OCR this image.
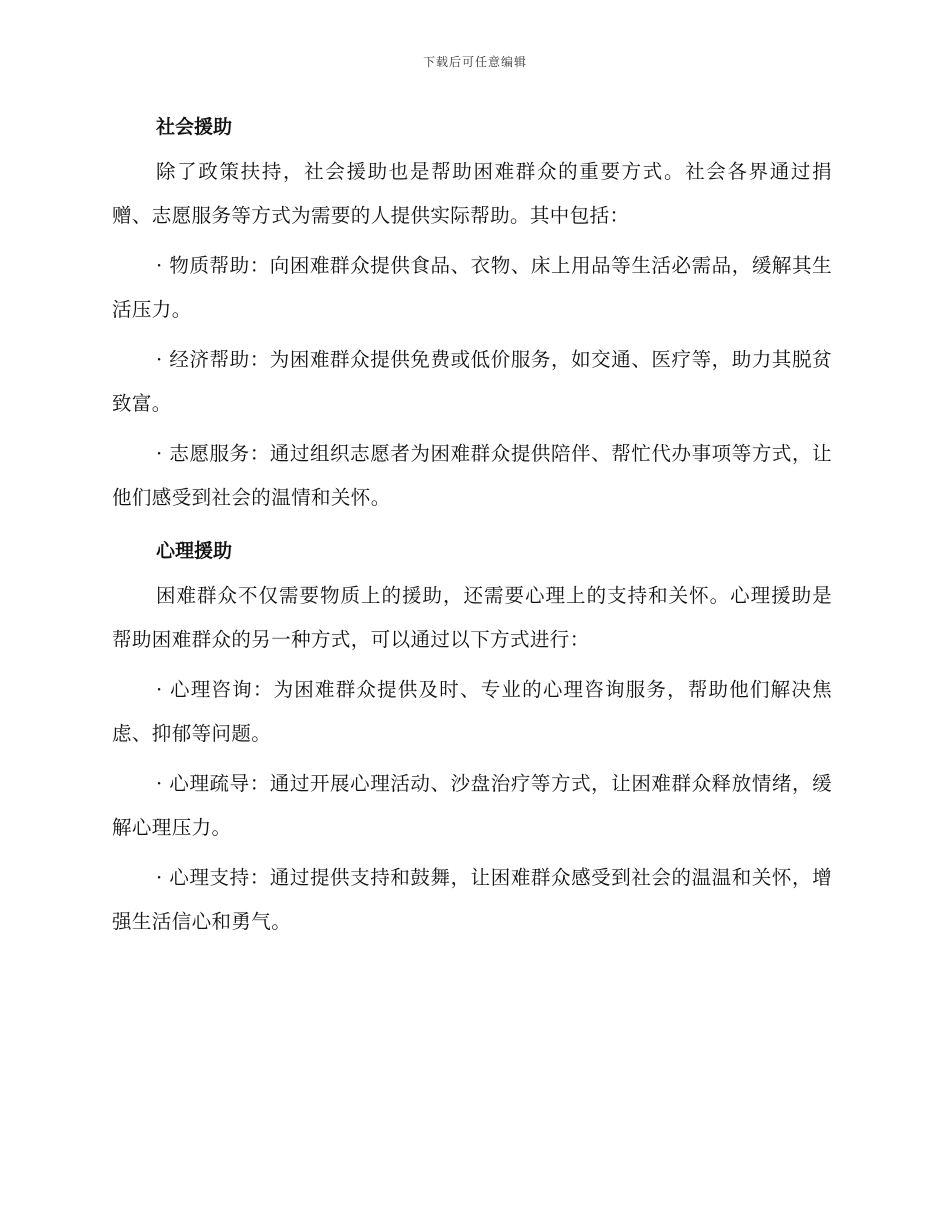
下载后可任意编辑
社会援助

除了政策扶持，社会援助也是帮助困难群众的重要方式。社会各界通过捐赠、志愿服务等方式为需要的人提供实际帮助。其中包括：

· 物质帮助：向困难群众提供食品、衣物、床上用品等生活必需品，缓解其生活压力。

· 经济帮助：为困难群众提供免费或低价服务，如交通、医疗等，助力其脱贫致富。

· 志愿服务：通过组织志愿者为困难群众提供陪伴、帮忙代办事项等方式，让他们感受到社会的温情和关怀。

心理援助

困难群众不仅需要物质上的援助，还需要心理上的支持和关怀。心理援助是帮助困难群众的另一种方式，可以通过以下方式进行：

· 心理咨询：为困难群众提供及时、专业的心理咨询服务，帮助他们解决焦虑、抑郁等问题。

· 心理疏导：通过开展心理活动、沙盘治疗等方式，让困难群众释放情绪，缓解心理压力。

· 心理支持：通过提供支持和鼓舞，让困难群众感受到社会的温温和关怀，增强生活信心和勇气。
